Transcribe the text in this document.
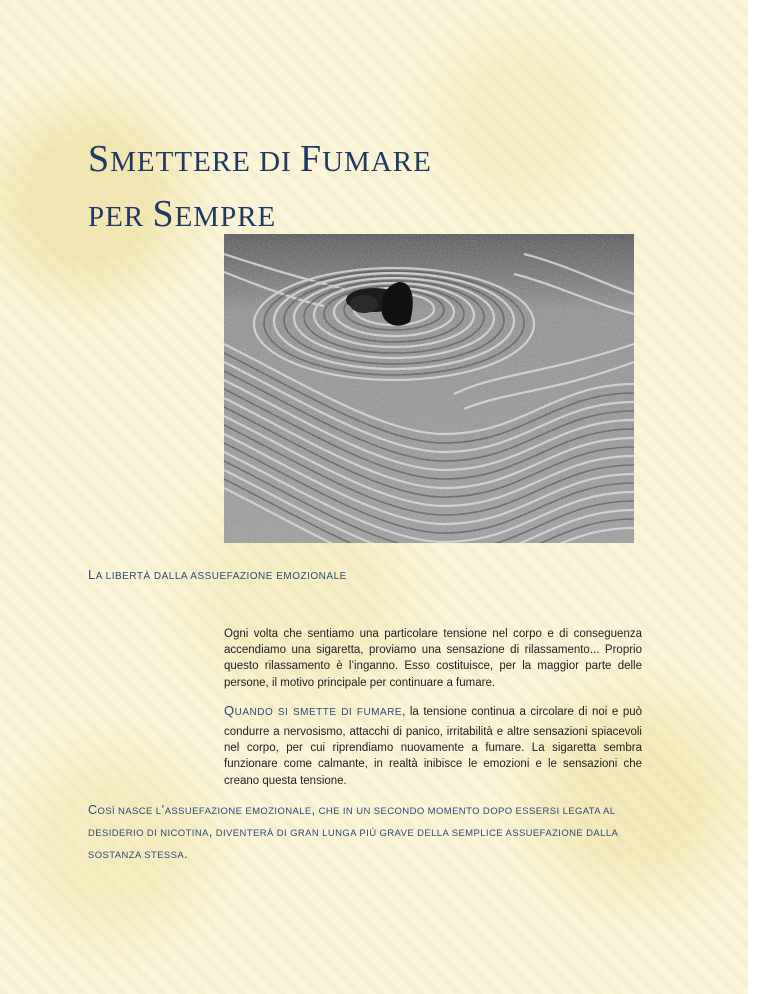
SMETTERE DI FUMARE
PER SEMPRE
LA LIBERTÀ DALLA ASSUEFAZIONE EMOZIONALE

Ogni volta che sentiamo una particolare tensione nel corpo e di conseguenza accendiamo una sigaretta, proviamo una sensazione di rilassamento... Proprio questo rilassamento è l’inganno. Esso costituisce, per la maggior parte delle persone, il motivo principale per continuare a fumare.

QUANDO SI SMETTE DI FUMARE, la tensione continua a circolare di noi e può condurre a nervosismo, attacchi di panico, irritabilità e altre sensazioni spiacevoli nel corpo, per cui riprendiamo nuovamente a fumare. La sigaretta sembra funzionare come calmante, in realtà inibisce le emozioni e le sensazioni che creano questa tensione.

COSÌ NASCE L’ASSUEFAZIONE EMOZIONALE, CHE IN UN SECONDO MOMENTO DOPO ESSERSI LEGATA AL DESIDERIO DI NICOTINA, DIVENTERÀ DI GRAN LUNGA PIÙ GRAVE DELLA SEMPLICE ASSUEFAZIONE DALLA SOSTANZA STESSA.
